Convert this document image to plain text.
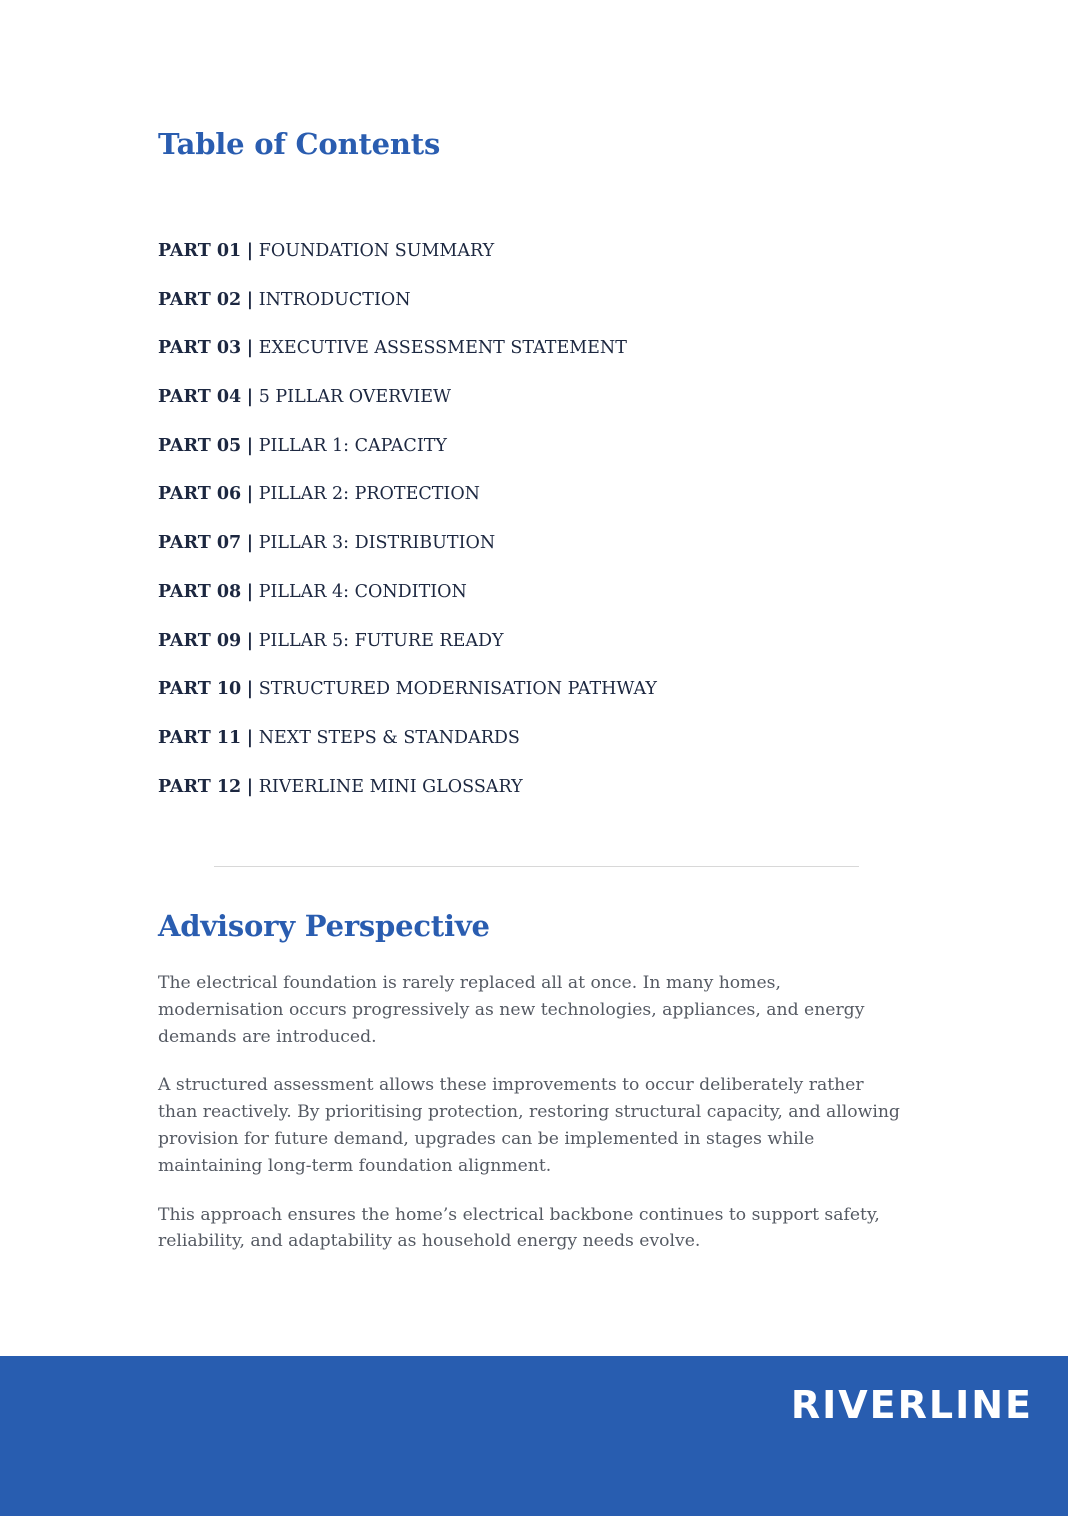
Table of Contents
PART 01 | FOUNDATION SUMMARY
PART 02 | INTRODUCTION
PART 03 | EXECUTIVE ASSESSMENT STATEMENT
PART 04 | 5 PILLAR OVERVIEW
PART 05 | PILLAR 1: CAPACITY
PART 06 | PILLAR 2: PROTECTION
PART 07 | PILLAR 3: DISTRIBUTION
PART 08 | PILLAR 4: CONDITION
PART 09 | PILLAR 5: FUTURE READY
PART 10 | STRUCTURED MODERNISATION PATHWAY
PART 11 | NEXT STEPS & STANDARDS
PART 12 | RIVERLINE MINI GLOSSARY
Advisory Perspective

The electrical foundation is rarely replaced all at once. In many homes, modernisation occurs progressively as new technologies, appliances, and energy demands are introduced.

A structured assessment allows these improvements to occur deliberately rather than reactively. By prioritising protection, restoring structural capacity, and allowing provision for future demand, upgrades can be implemented in stages while maintaining long-term foundation alignment.

This approach ensures the home’s electrical backbone continues to support safety, reliability, and adaptability as household energy needs evolve.

RIVERLINE
